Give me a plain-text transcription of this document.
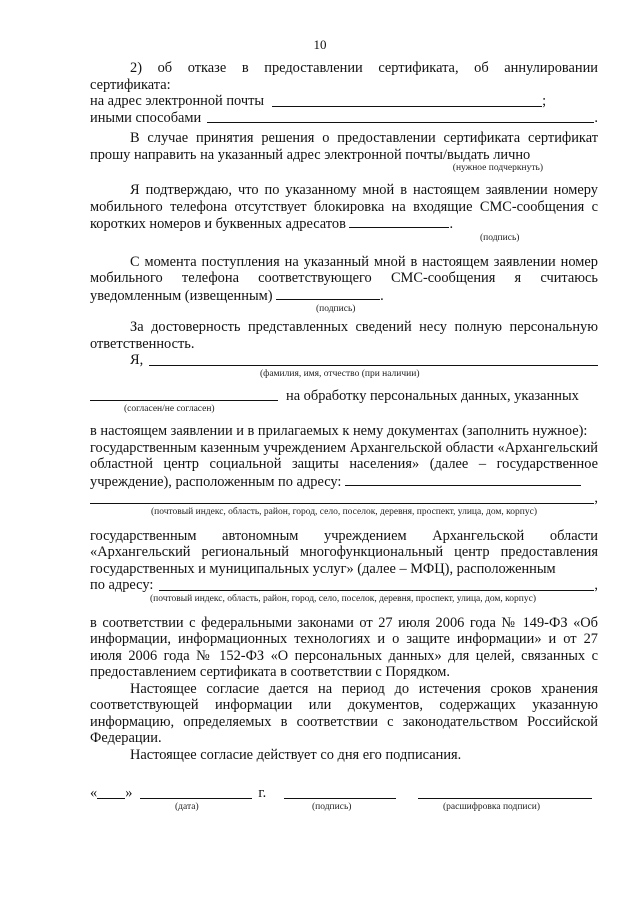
10

2) об отказе в предоставлении сертификата, об аннулировании

сертификата:

на адрес электронной почты	;
иными способами	.

В случае принятия решения о предоставлении сертификата сертификат прошу направить на указанный адрес электронной почты/выдать лично

(нужное подчеркнуть)

Я подтверждаю, что по указанному мной в настоящем заявлении номеру мобильного телефона отсутствует блокировка на входящие СМС-сообщения с коротких номеров и буквенных адресатов	.

(подпись)

С момента поступления на указанный мной в настоящем заявлении номер мобильного телефона соответствующего СМС-сообщения я считаюсь уведомленным (извещенным)	.

(подпись)

За достоверность представленных сведений несу полную персональную ответственность.

Я,
(фамилия, имя, отчество (при наличии)
на обработку персональных данных, указанных
(согласен/не согласен)

в настоящем заявлении и в прилагаемых к нему документах (заполнить нужное):

государственным казенным учреждением Архангельской области «Архангельский областной центр социальной защиты населения» (далее – государственное учреждение), расположенным по адресу:

,
(почтовый индекс, область, район, город, село, поселок, деревня, проспект, улица, дом, корпус)

государственным автономным учреждением Архангельской области «Архангельский региональный многофункциональный центр предоставления государственных и муниципальных услуг» (далее – МФЦ), расположенным

по адресу:	,
(почтовый индекс, область, район, город, село, поселок, деревня, проспект, улица, дом, корпус)

в соответствии с федеральными законами от 27 июля 2006 года № 149-ФЗ «Об информации, информационных технологиях и о защите информации» и от 27 июля 2006 года № 152-ФЗ «О персональных данных» для целей, связанных с предоставлением сертификата в соответствии с Порядком.

Настоящее согласие дается на период до истечения сроков хранения соответствующей информации или документов, содержащих указанную информацию, определяемых в соответствии с законодательством Российской Федерации.

Настоящее согласие действует со дня его подписания.

« »	г.
(дата)	(подпись)	(расшифровка подписи)
